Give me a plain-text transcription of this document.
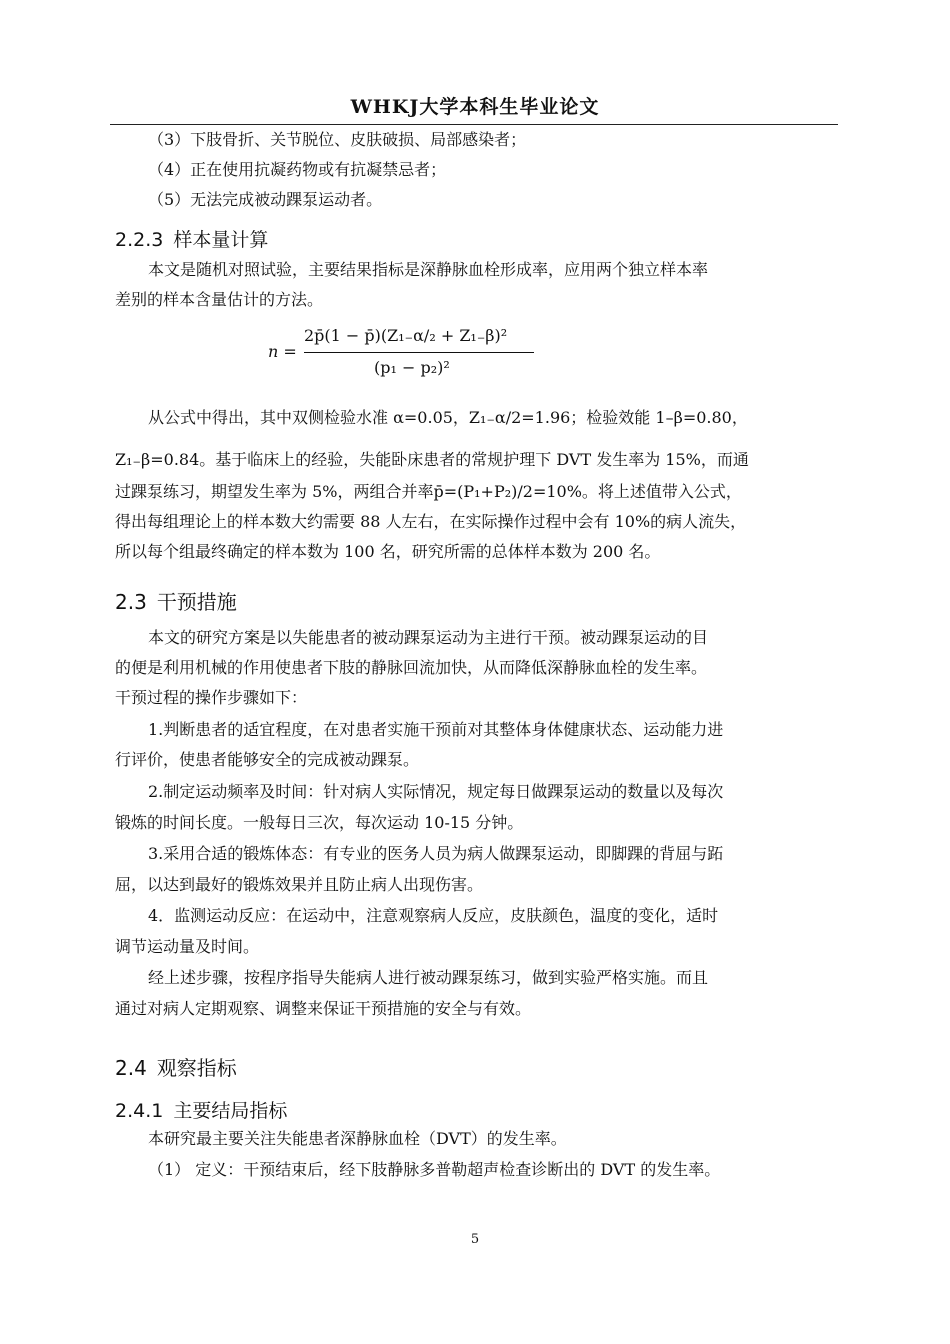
WHKJ大学本科生毕业论文
（3）下肢骨折、关节脱位、皮肤破损、局部感染者；
（4）正在使用抗凝药物或有抗凝禁忌者；
（5）无法完成被动踝泵运动者。
2.2.3 样本量计算
本文是随机对照试验，主要结果指标是深静脉血栓形成率，应用两个独立样本率
差别的样本含量估计的方法。
n =
2p̄(1 − p̄)(Z₁₋α/₂ + Z₁₋β)²
(p₁ − p₂)²
从公式中得出，其中双侧检验水准 α=0.05，Z₁₋α/2=1.96；检验效能 1–β=0.80，
Z₁₋β=0.84。基于临床上的经验，失能卧床患者的常规护理下 DVT 发生率为 15%，而通
过踝泵练习，期望发生率为 5%，两组合并率p̄=(P₁+P₂)/2=10%。将上述值带入公式，
得出每组理论上的样本数大约需要 88 人左右，在实际操作过程中会有 10%的病人流失，
所以每个组最终确定的样本数为 100 名，研究所需的总体样本数为 200 名。
2.3 干预措施
本文的研究方案是以失能患者的被动踝泵运动为主进行干预。被动踝泵运动的目
的便是利用机械的作用使患者下肢的静脉回流加快，从而降低深静脉血栓的发生率。
干预过程的操作步骤如下：
1.判断患者的适宜程度，在对患者实施干预前对其整体身体健康状态、运动能力进
行评价，使患者能够安全的完成被动踝泵。
2.制定运动频率及时间：针对病人实际情况，规定每日做踝泵运动的数量以及每次
锻炼的时间长度。一般每日三次，每次运动 10-15 分钟。
3.采用合适的锻炼体态：有专业的医务人员为病人做踝泵运动，即脚踝的背屈与跖
屈，以达到最好的锻炼效果并且防止病人出现伤害。
4．监测运动反应：在运动中，注意观察病人反应，皮肤颜色，温度的变化，适时
调节运动量及时间。
经上述步骤，按程序指导失能病人进行被动踝泵练习，做到实验严格实施。而且
通过对病人定期观察、调整来保证干预措施的安全与有效。
2.4 观察指标
2.4.1 主要结局指标
本研究最主要关注失能患者深静脉血栓（DVT）的发生率。
（1） 定义：干预结束后，经下肢静脉多普勒超声检查诊断出的 DVT 的发生率。
5
